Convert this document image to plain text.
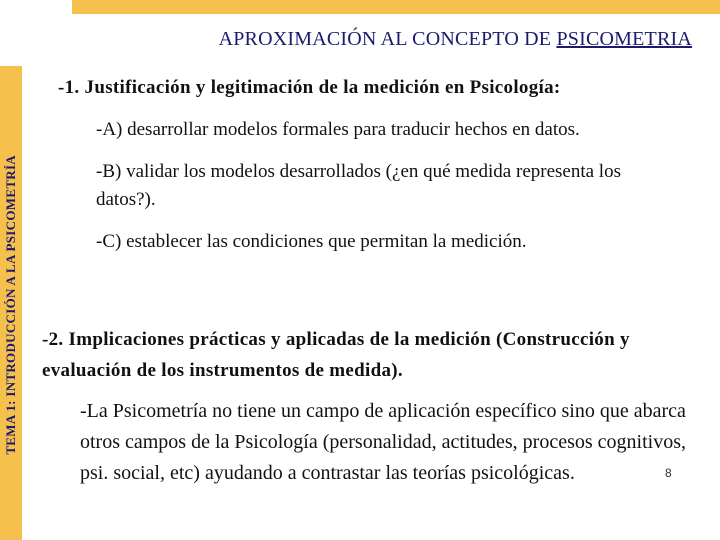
APROXIMACIÓN AL CONCEPTO DE PSICOMETRIA
TEMA 1: INTRODUCCIÓN A LA PSICOMETRÍA
-1. Justificación y legitimación de la medición en Psicología:
-A) desarrollar modelos formales para traducir hechos en datos.
-B) validar los modelos desarrollados (¿en qué medida representa los datos?).
-C) establecer las condiciones que permitan la medición.
-2. Implicaciones prácticas y aplicadas de la medición (Construcción y evaluación de los instrumentos de medida).
-La Psicometría no tiene un campo de aplicación específico sino que abarca otros campos de la Psicología (personalidad, actitudes, procesos cognitivos, psi. social, etc) ayudando a contrastar las teorías psicológicas.	8
